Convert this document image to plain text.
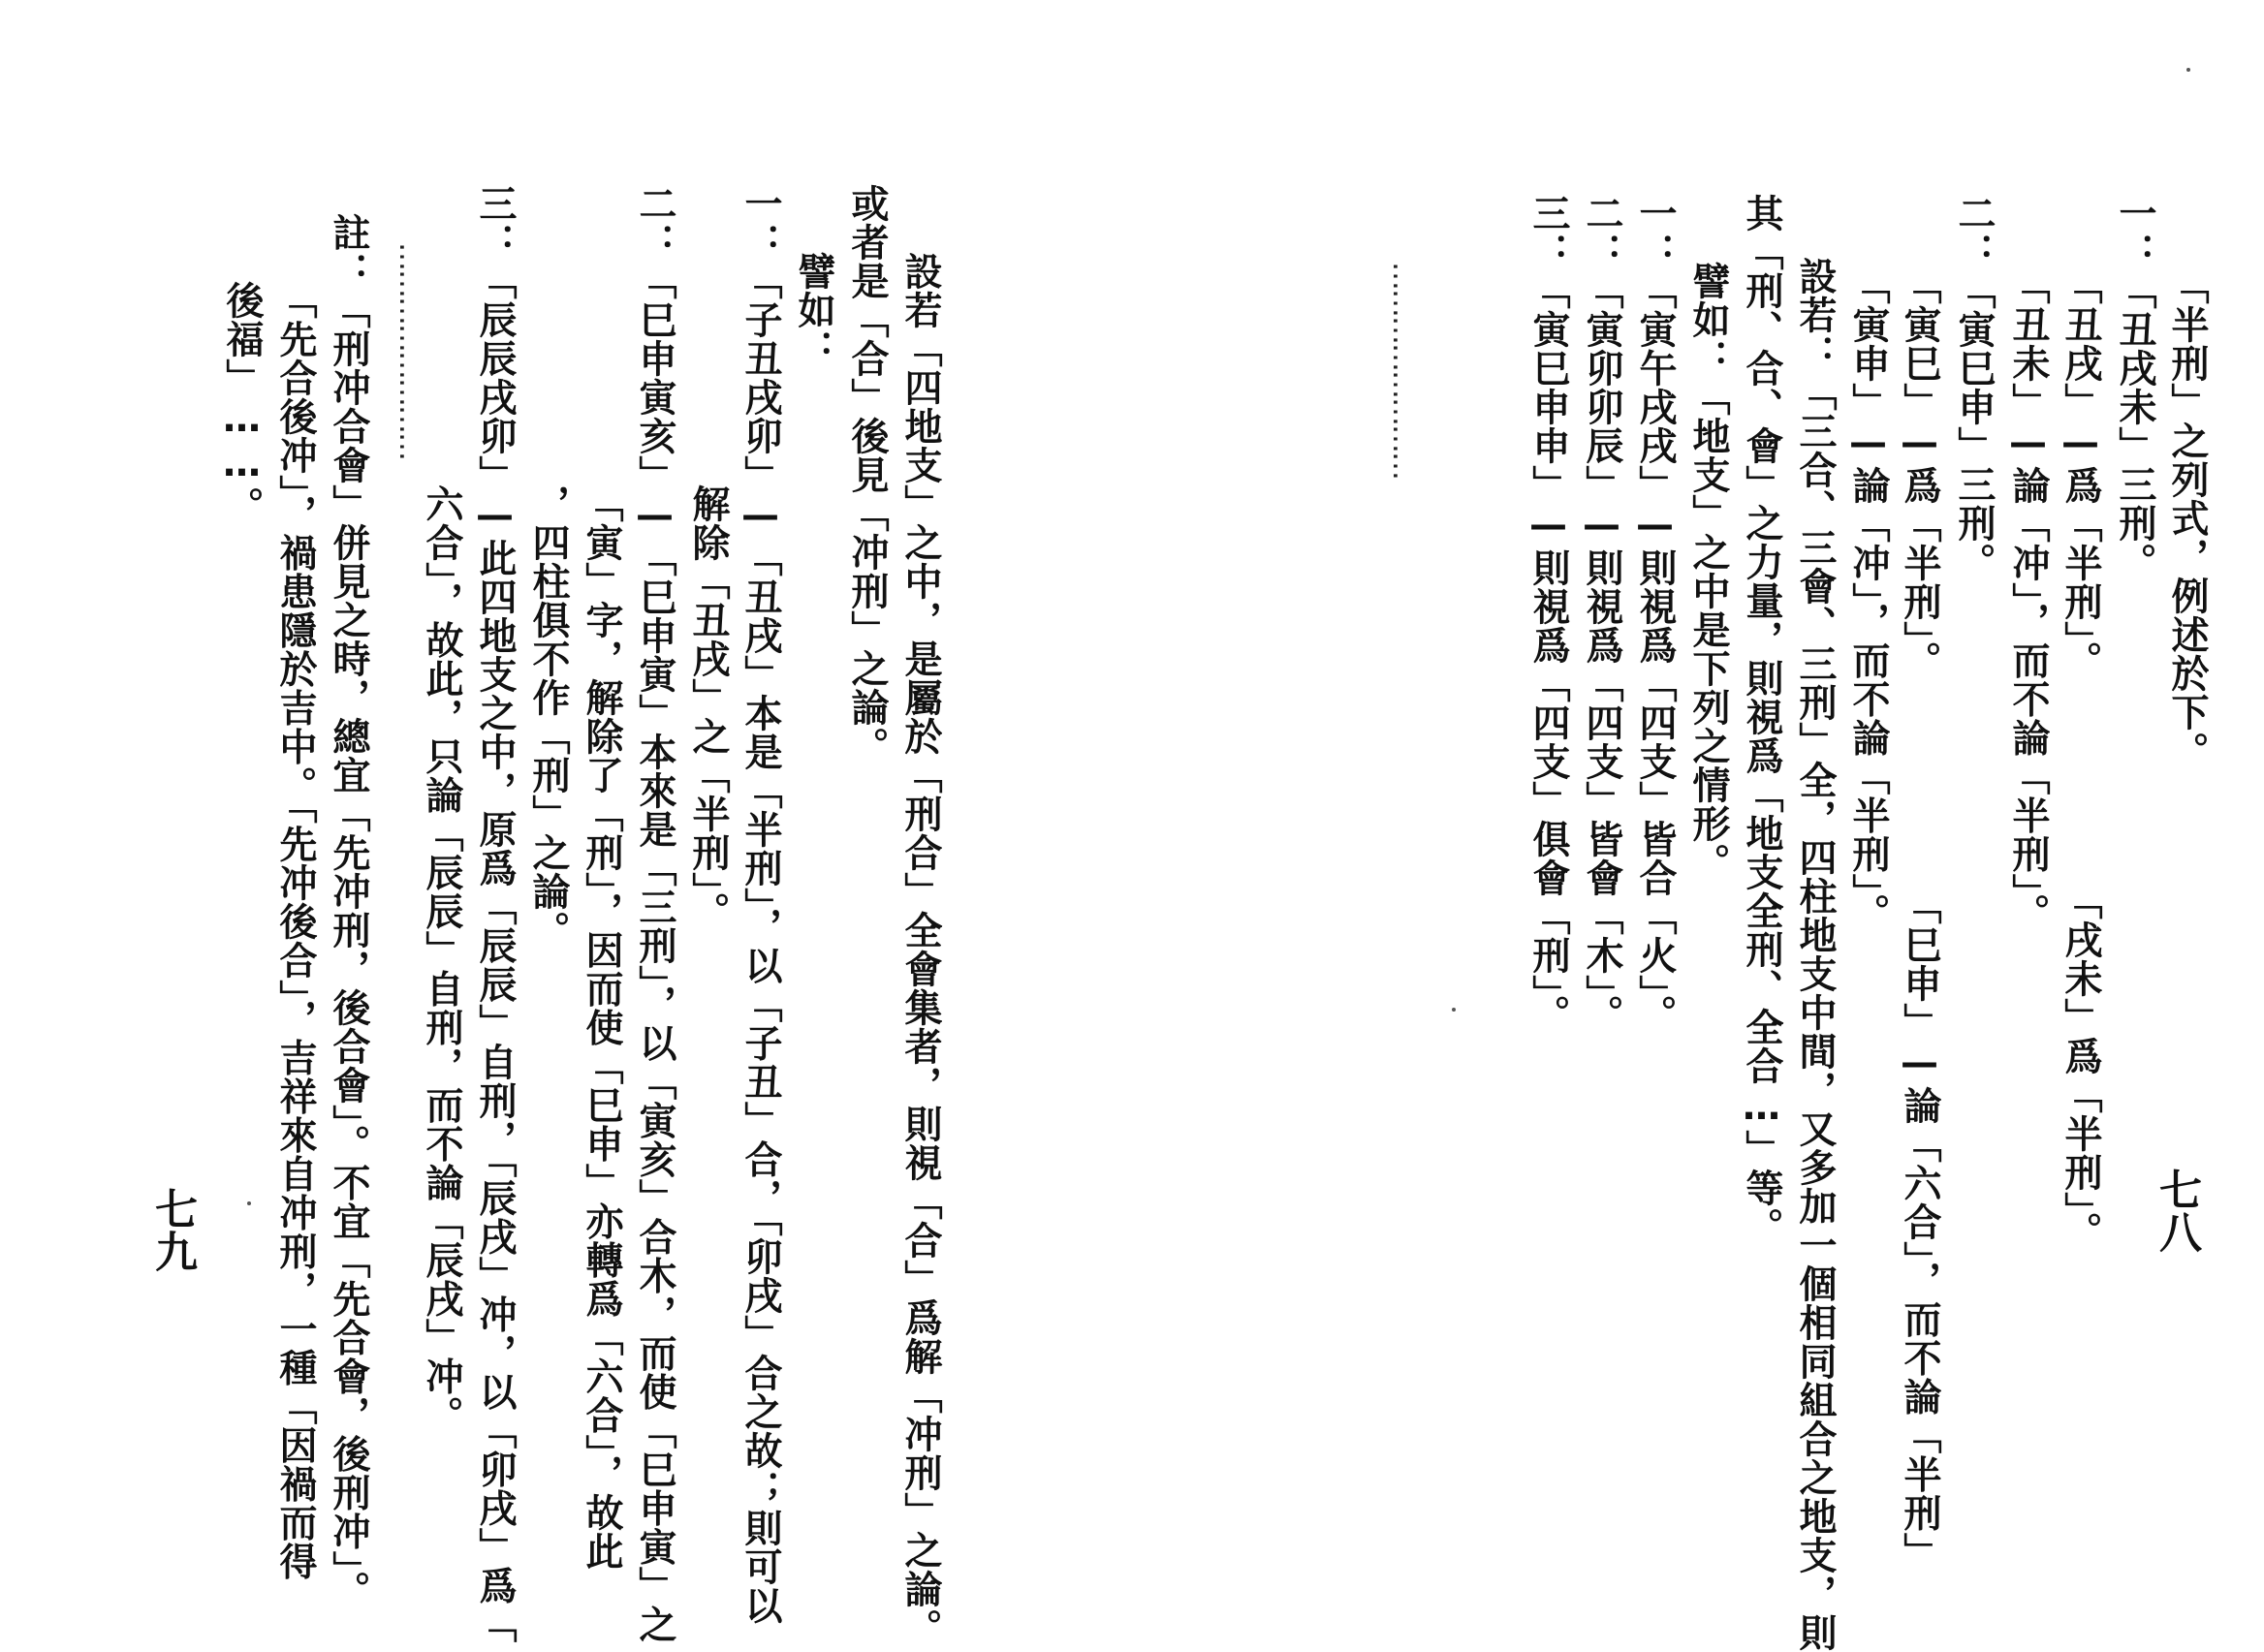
七八
「半刑」之列式，例述於下。
一：「丑戌未」三刑。
「丑戌」—爲「半刑」。
「戌未」爲「半刑」。
「丑未」—論「冲」，而不論「半刑」。
二：「寅巳申」三刑。
「寅巳」—爲「半刑」。
「巳申」—論「六合」，而不論「半刑」
「寅申」—論「冲」，而不論「半刑」。
設若：「三合、三會、三刑」全，四柱地支中間，又多加一個相同組合之地支，則
其「刑、合、會」之力量，則視爲「地支全刑、全合…」等。
譬如：「地支」之中是下列之情形。
一：「寅午戌戌」—則視爲「四支」皆合「火」。
二：「寅卯卯辰」—則視爲「四支」皆會「木」。
三：「寅巳申申」—則視爲「四支」俱會「刑」。
……………………
七九	設若「四地支」之中，是屬於「刑合」全會集者，則視「合」爲解「冲刑」之論。
或者是「合」後見「冲刑」之論。
譬如：
一：「子丑戌卯」—「丑戌」本是「半刑」，以「子丑」合，「卯戌」合之故；則可以
解除「丑戌」之「半刑」。
二：「巳申寅亥」—「巳申寅」本來是「三刑」，以「寅亥」合木，而使「巳申寅」之
「寅」字，解除了「刑」，因而使「巳申」亦轉爲「六合」，故此
，四柱俱不作「刑」之論。
三：「辰辰戌卯」—此四地支之中，原爲「辰辰」自刑，「辰戌」冲，以「卯戌」爲「
六合」，故此，只論「辰辰」自刑，而不論「辰戌」冲。
……………………
註：「刑冲合會」併見之時，總宜「先冲刑，後合會」。不宜「先合會，後刑冲」。
「先合後冲」，禍患隱於吉中。「先冲後合」，吉祥來自冲刑，一種「因禍而得
後福」……。
